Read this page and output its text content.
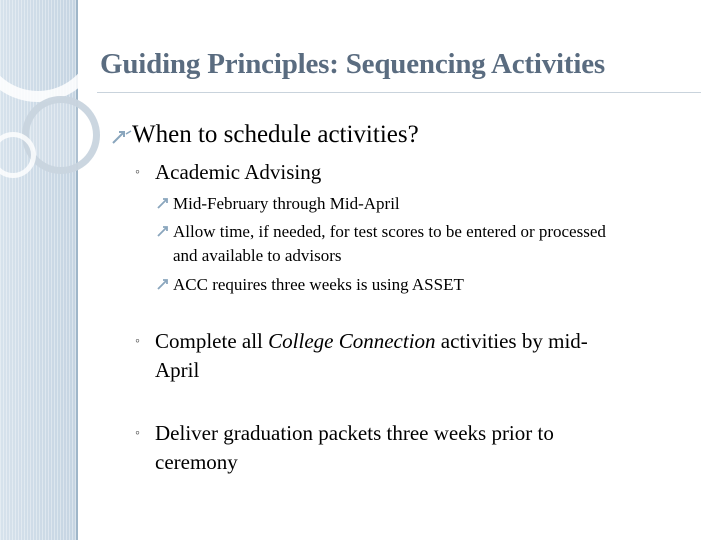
Guiding Principles: Sequencing Activities
When to schedule activities?
◦ Academic Advising
Mid-February through Mid-April
Allow time, if needed, for test scores to be entered or processed
and available to advisors
ACC requires three weeks is using ASSET
◦ Complete all College Connection activities by mid-
April
◦ Deliver graduation packets three weeks prior to
ceremony
